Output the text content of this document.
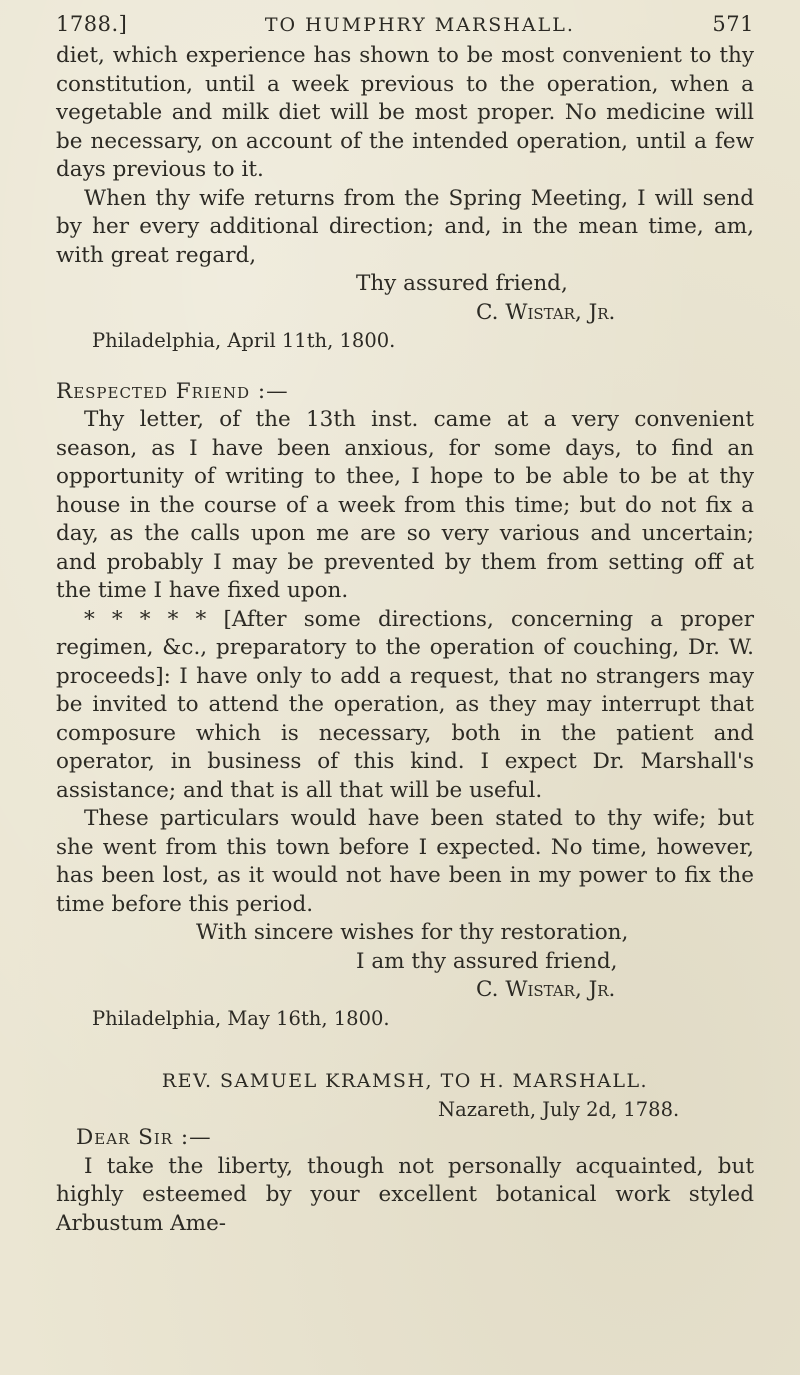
1788.]	TO HUMPHRY MARSHALL.	571

diet, which experience has shown to be most convenient to thy constitution, until a week previous to the operation, when a vegetable and milk diet will be most proper. No medicine will be necessary, on account of the intended operation, until a few days previous to it.

When thy wife returns from the Spring Meeting, I will send by her every additional direction; and, in the mean time, am, with great regard,

Thy assured friend,

C. Wistar, Jr.

Philadelphia, April 11th, 1800.

Respected Friend :—

Thy letter, of the 13th inst. came at a very convenient season, as I have been anxious, for some days, to find an opportunity of writing to thee, I hope to be able to be at thy house in the course of a week from this time; but do not fix a day, as the calls upon me are so very various and uncertain; and probably I may be prevented by them from setting off at the time I have fixed upon.

* * * * * [After some directions, concerning a proper regimen, &c., preparatory to the operation of couching, Dr. W. proceeds]: I have only to add a request, that no strangers may be invited to attend the operation, as they may interrupt that composure which is necessary, both in the patient and operator, in business of this kind. I expect Dr. Marshall's assistance; and that is all that will be useful.

These particulars would have been stated to thy wife; but she went from this town before I expected. No time, however, has been lost, as it would not have been in my power to fix the time before this period.

With sincere wishes for thy restoration,

I am thy assured friend,

C. Wistar, Jr.

Philadelphia, May 16th, 1800.

REV. SAMUEL KRAMSH, TO H. MARSHALL.

Nazareth, July 2d, 1788.

Dear Sir :—

I take the liberty, though not personally acquainted, but highly esteemed by your excellent botanical work styled Arbustum Ame-
